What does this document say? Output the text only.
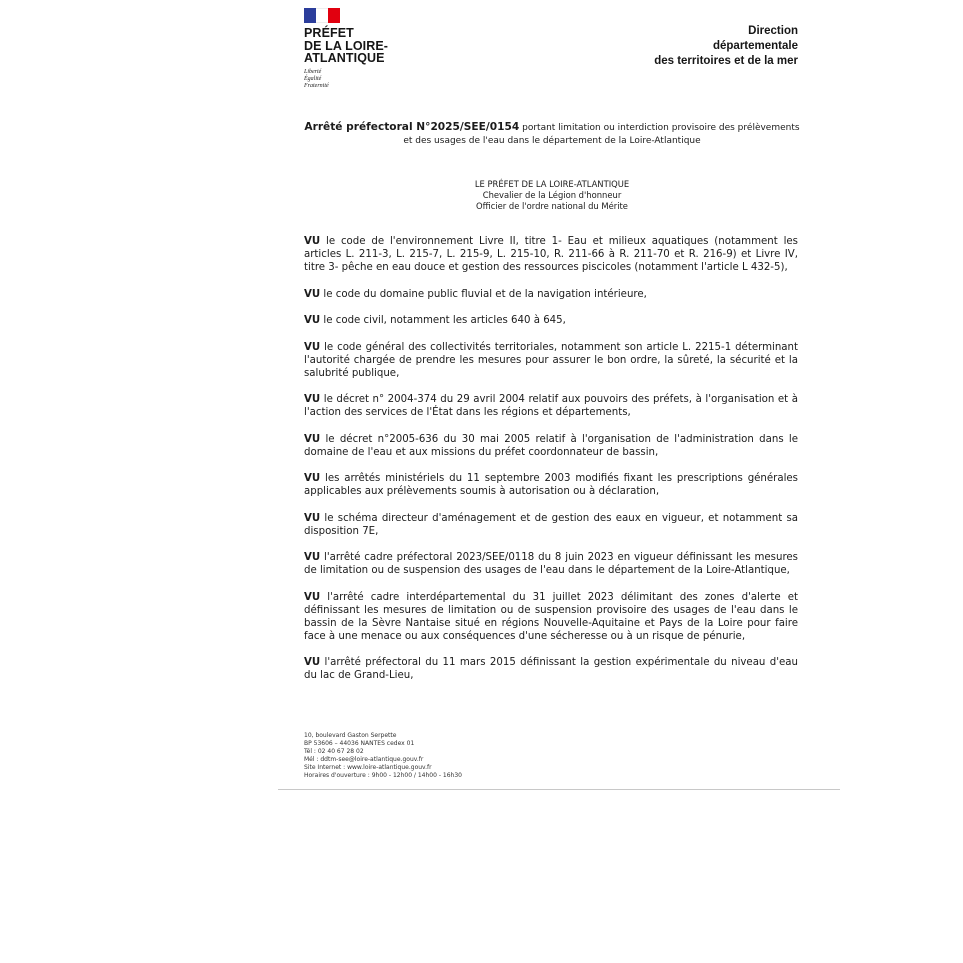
PRÉFET
DE LA LOIRE-
ATLANTIQUE
Liberté
Égalité
Fraternité
Direction
départementale
des territoires et de la mer
Arrêté préfectoral N°2025/SEE/0154 portant limitation ou interdiction provisoire des prélèvements et des usages de l'eau dans le département de la Loire-Atlantique
LE PRÉFET DE LA LOIRE-ATLANTIQUE
Chevalier de la Légion d'honneur
Officier de l'ordre national du Mérite

VU le code de l'environnement Livre II, titre 1- Eau et milieux aquatiques (notamment les articles L. 211-3, L. 215-7, L. 215-9, L. 215-10, R. 211-66 à R. 211-70 et R. 216-9) et Livre IV, titre 3- pêche en eau douce et gestion des ressources piscicoles (notamment l'article L 432-5),

VU le code du domaine public fluvial et de la navigation intérieure,

VU le code civil, notamment les articles 640 à 645,

VU le code général des collectivités territoriales, notamment son article L. 2215-1 déterminant l'autorité chargée de prendre les mesures pour assurer le bon ordre, la sûreté, la sécurité et la salubrité publique,

VU le décret n° 2004-374 du 29 avril 2004 relatif aux pouvoirs des préfets, à l'organisation et à l'action des services de l'État dans les régions et départements,

VU le décret n°2005-636 du 30 mai 2005 relatif à l'organisation de l'administration dans le domaine de l'eau et aux missions du préfet coordonnateur de bassin,

VU les arrêtés ministériels du 11 septembre 2003 modifiés fixant les prescriptions générales applicables aux prélèvements soumis à autorisation ou à déclaration,

VU le schéma directeur d'aménagement et de gestion des eaux en vigueur, et notamment sa disposition 7E,

VU l'arrêté cadre préfectoral 2023/SEE/0118 du 8 juin 2023 en vigueur définissant les mesures de limitation ou de suspension des usages de l'eau dans le département de la Loire-Atlantique,

VU l'arrêté cadre interdépartemental du 31 juillet 2023 délimitant des zones d'alerte et définissant les mesures de limitation ou de suspension provisoire des usages de l'eau dans le bassin de la Sèvre Nantaise situé en régions Nouvelle-Aquitaine et Pays de la Loire pour faire face à une menace ou aux conséquences d'une sécheresse ou à un risque de pénurie,

VU l'arrêté préfectoral du 11 mars 2015 définissant la gestion expérimentale du niveau d'eau du lac de Grand-Lieu,

10, boulevard Gaston Serpette
BP 53606 – 44036 NANTES cedex 01
Tél : 02 40 67 28 02
Mél : ddtm-see@loire-atlantique.gouv.fr
Site Internet : www.loire-atlantique.gouv.fr
Horaires d'ouverture : 9h00 - 12h00 / 14h00 - 16h30
